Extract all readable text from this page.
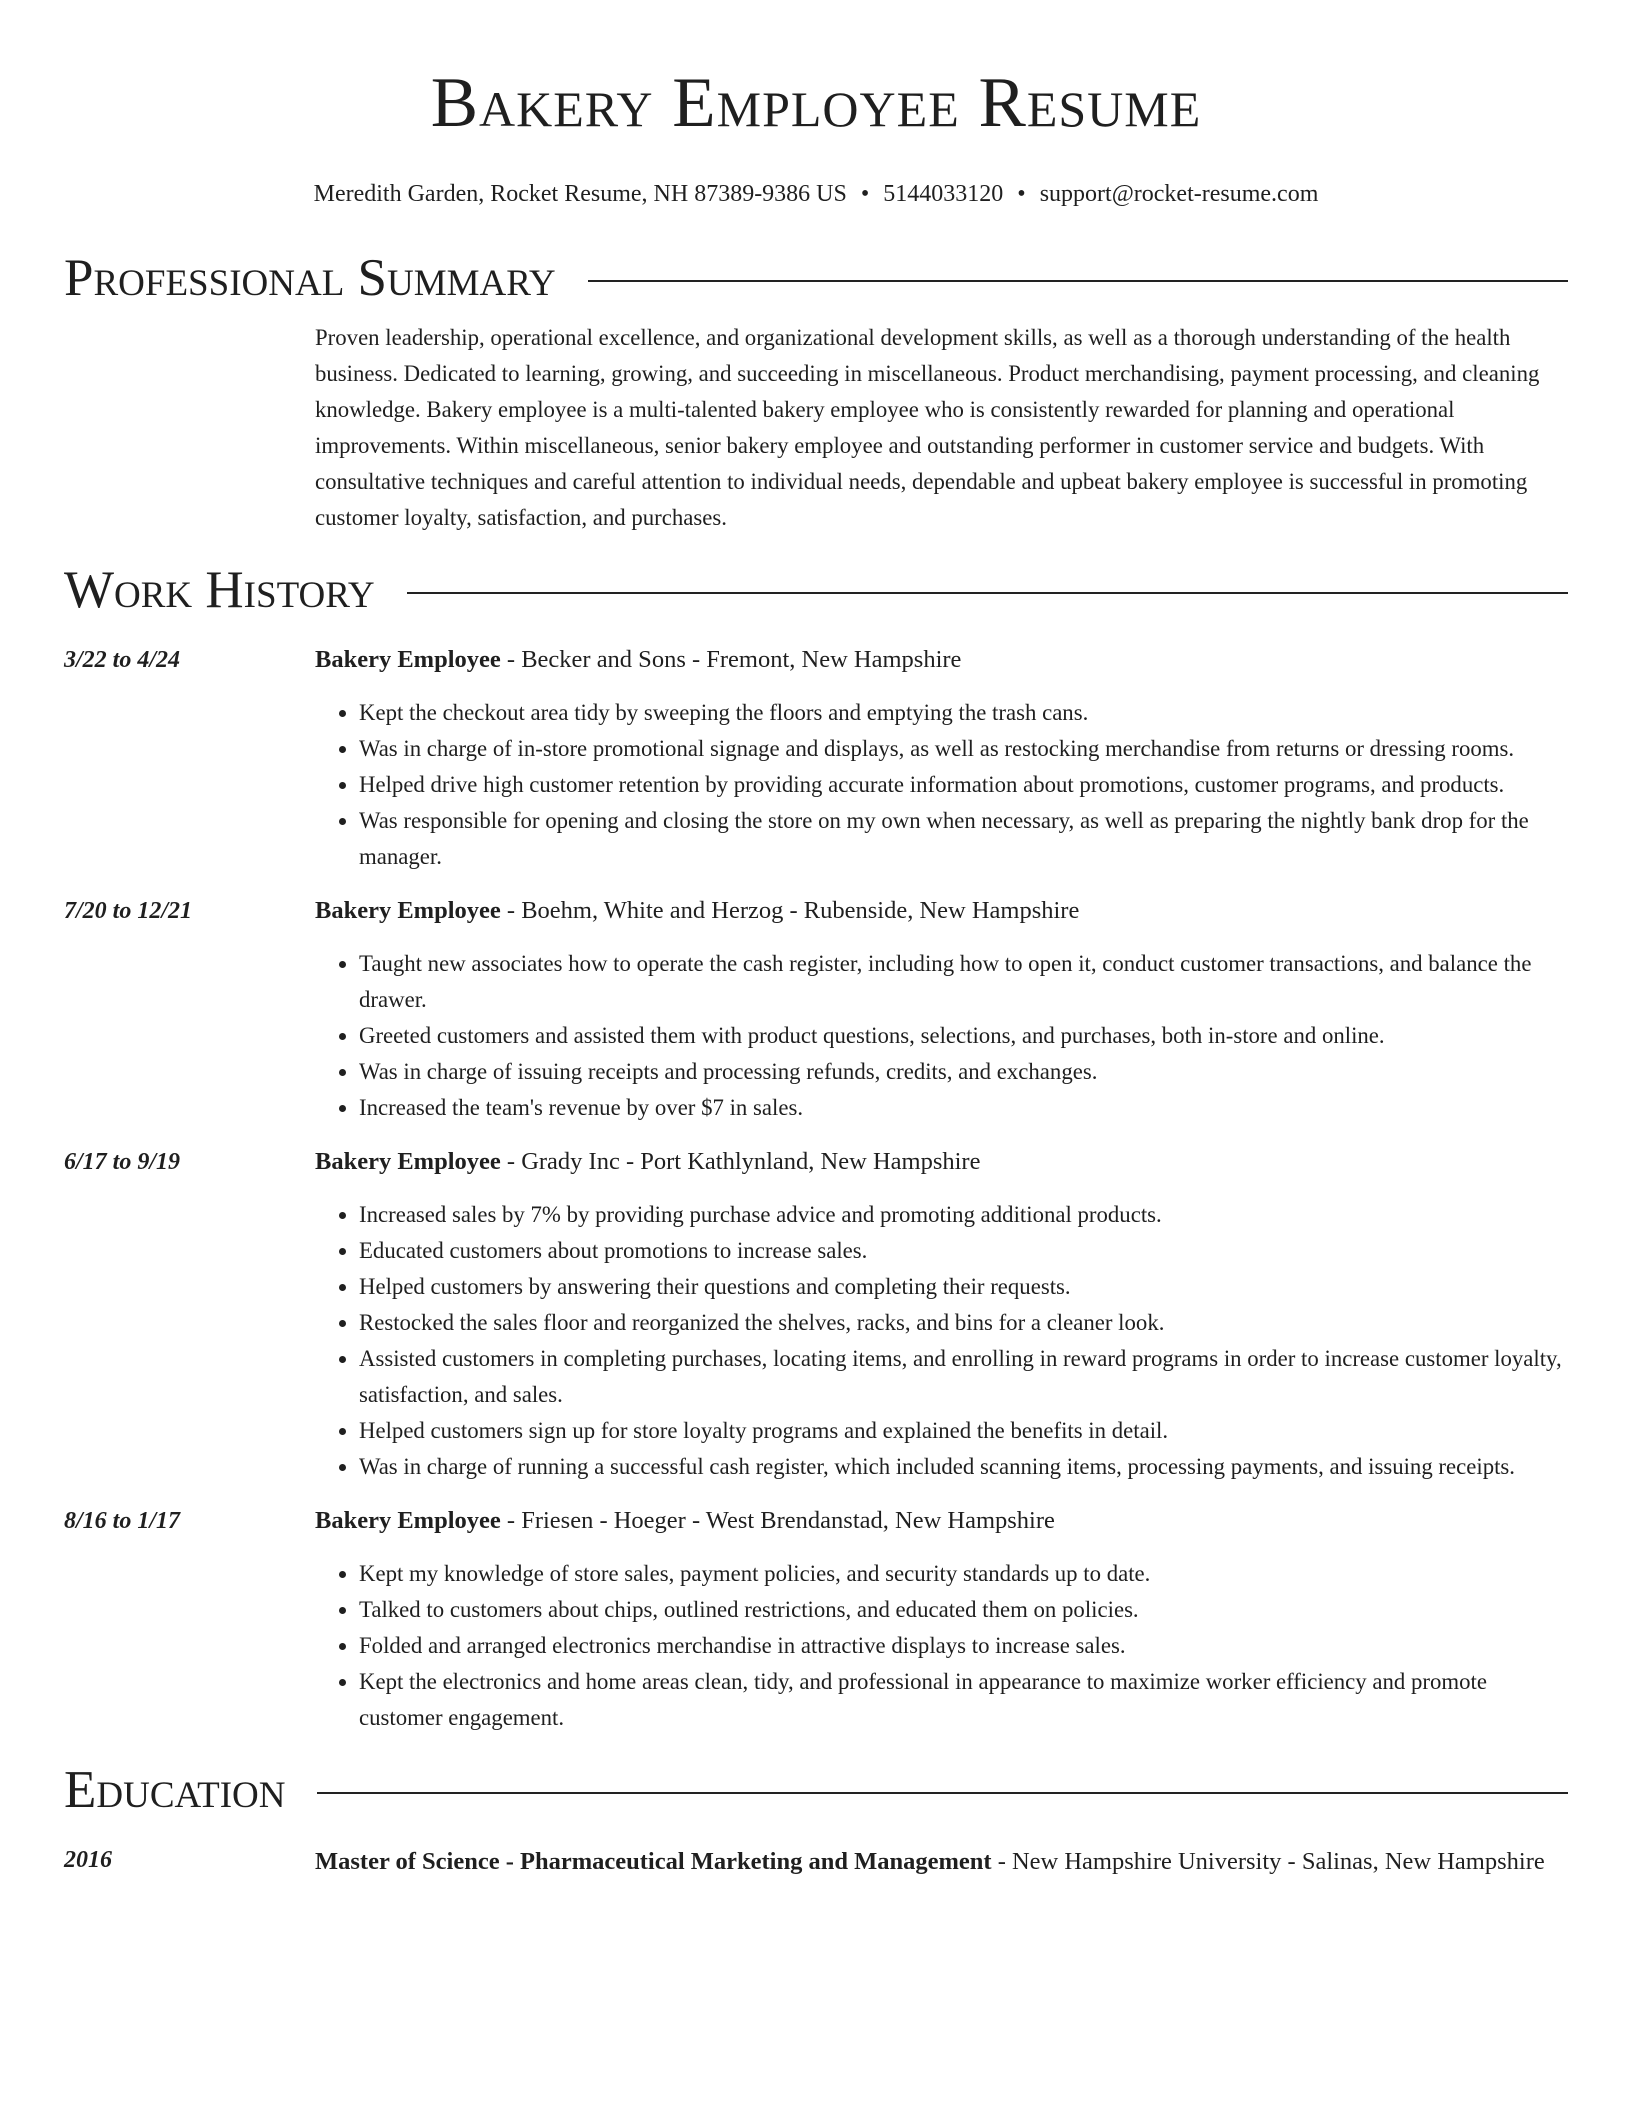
Bakery Employee Resume
Meredith Garden, Rocket Resume, NH 87389-9386 US • 5144033120 • support@rocket-resume.com
Professional Summary
Proven leadership, operational excellence, and organizational development skills, as well as a thorough understanding of the health business. Dedicated to learning, growing, and succeeding in miscellaneous. Product merchandising, payment processing, and cleaning knowledge. Bakery employee is a multi-talented bakery employee who is consistently rewarded for planning and operational improvements. Within miscellaneous, senior bakery employee and outstanding performer in customer service and budgets. With consultative techniques and careful attention to individual needs, dependable and upbeat bakery employee is successful in promoting customer loyalty, satisfaction, and purchases.
Work History
3/22 to 4/24	Bakery Employee - Becker and Sons - Fremont, New Hampshire
• Kept the checkout area tidy by sweeping the floors and emptying the trash cans.
• Was in charge of in-store promotional signage and displays, as well as restocking merchandise from returns or dressing rooms.
• Helped drive high customer retention by providing accurate information about promotions, customer programs, and products.
• Was responsible for opening and closing the store on my own when necessary, as well as preparing the nightly bank drop for the manager.
7/20 to 12/21	Bakery Employee - Boehm, White and Herzog - Rubenside, New Hampshire
• Taught new associates how to operate the cash register, including how to open it, conduct customer transactions, and balance the drawer.
• Greeted customers and assisted them with product questions, selections, and purchases, both in-store and online.
• Was in charge of issuing receipts and processing refunds, credits, and exchanges.
• Increased the team's revenue by over $7 in sales.
6/17 to 9/19	Bakery Employee - Grady Inc - Port Kathlynland, New Hampshire
• Increased sales by 7% by providing purchase advice and promoting additional products.
• Educated customers about promotions to increase sales.
• Helped customers by answering their questions and completing their requests.
• Restocked the sales floor and reorganized the shelves, racks, and bins for a cleaner look.
• Assisted customers in completing purchases, locating items, and enrolling in reward programs in order to increase customer loyalty, satisfaction, and sales.
• Helped customers sign up for store loyalty programs and explained the benefits in detail.
• Was in charge of running a successful cash register, which included scanning items, processing payments, and issuing receipts.
8/16 to 1/17	Bakery Employee - Friesen - Hoeger - West Brendanstad, New Hampshire
• Kept my knowledge of store sales, payment policies, and security standards up to date.
• Talked to customers about chips, outlined restrictions, and educated them on policies.
• Folded and arranged electronics merchandise in attractive displays to increase sales.
• Kept the electronics and home areas clean, tidy, and professional in appearance to maximize worker efficiency and promote customer engagement.
Education
2016	Master of Science - Pharmaceutical Marketing and Management - New Hampshire University - Salinas, New Hampshire
